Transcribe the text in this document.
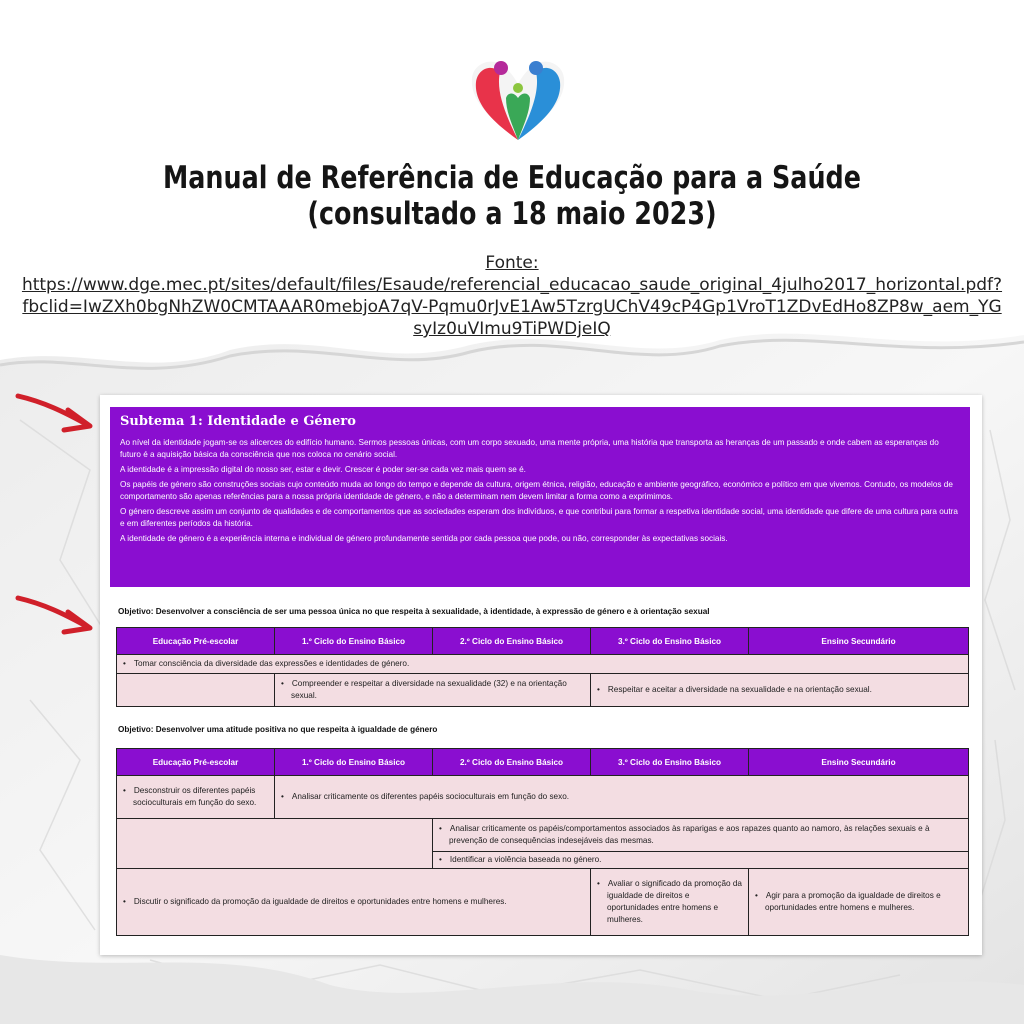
Manual de Referência de Educação para a Saúde
(consultado a 18 maio 2023)
Fonte:
https://www.dge.mec.pt/sites/default/files/Esaude/referencial_educacao_saude_original_4julho2017_horizontal.pdf?fbclid=IwZXh0bgNhZW0CMTAAAR0mebjoA7qV-Pqmu0rJvE1Aw5TzrgUChV49cP4Gp1VroT1ZDvEdHo8ZP8w_aem_YGsyIz0uVImu9TiPWDjeIQ
Subtema 1: Identidade e Género

Ao nível da identidade jogam-se os alicerces do edifício humano. Sermos pessoas únicas, com um corpo sexuado, uma mente própria, uma história que transporta as heranças de um passado e onde cabem as esperanças do futuro é a aquisição básica da consciência que nos coloca no cenário social.

A identidade é a impressão digital do nosso ser, estar e devir. Crescer é poder ser-se cada vez mais quem se é.

Os papéis de género são construções sociais cujo conteúdo muda ao longo do tempo e depende da cultura, origem étnica, religião, educação e ambiente geográfico, económico e político em que vivemos. Contudo, os modelos de comportamento são apenas referências para a nossa própria identidade de género, e não a determinam nem devem limitar a forma como a exprimimos.

O género descreve assim um conjunto de qualidades e de comportamentos que as sociedades esperam dos indivíduos, e que contribui para formar a respetiva identidade social, uma identidade que difere de uma cultura para outra e em diferentes períodos da história.

A identidade de género é a experiência interna e individual de género profundamente sentida por cada pessoa que pode, ou não, corresponder às expectativas sociais.

Objetivo: Desenvolver a consciência de ser uma pessoa única no que respeita à sexualidade, à identidade, à expressão de género e à orientação sexual
Educação Pré-escolar	1.º Ciclo do Ensino Básico	2.º Ciclo do Ensino Básico	3.º Ciclo do Ensino Básico	Ensino Secundário

• Tomar consciência da diversidade das expressões e identidades de género.

	• Compreender e respeitar a diversidade na sexualidade (32) e na orientação sexual.		• Respeitar e aceitar a diversidade na sexualidade e na orientação sexual.
Objetivo: Desenvolver uma atitude positiva no que respeita à igualdade de género
Educação Pré-escolar	1.º Ciclo do Ensino Básico	2.º Ciclo do Ensino Básico	3.º Ciclo do Ensino Básico	Ensino Secundário

• Desconstruir os diferentes papéis socioculturais em função do sexo.	• Analisar criticamente os diferentes papéis socioculturais em função do sexo.

		• Analisar criticamente os papéis/comportamentos associados às raparigas e aos rapazes quanto ao namoro, às relações sexuais e à prevenção de consequências indesejáveis das mesmas.

		• Identificar a violência baseada no género.

• Discutir o significado da promoção da igualdade de direitos e oportunidades entre homens e mulheres.			• Avaliar o significado da promoção da igualdade de direitos e oportunidades entre homens e mulheres.	• Agir para a promoção da igualdade de direitos e oportunidades entre homens e mulheres.
